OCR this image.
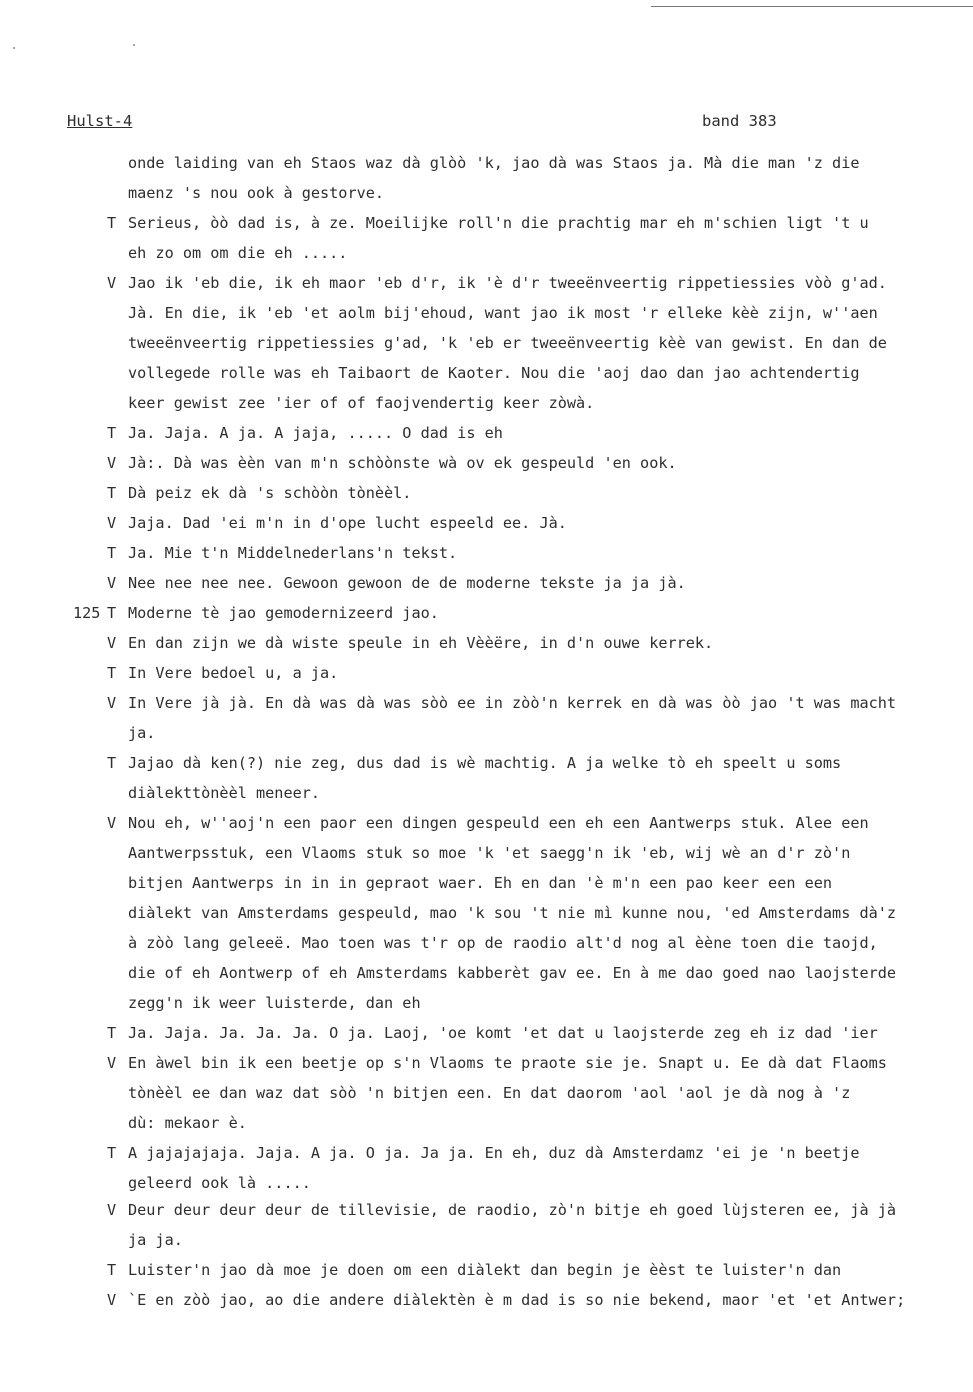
Hulst-4	band 383
onde laiding van eh Staos waz dà glòò 'k, jao dà was Staos ja. Mà die man 'z die
maenz 's nou ook à gestorve.
T Serieus, òò dad is, à ze. Moeilijke roll'n die prachtig mar eh m'schien ligt 't u
eh zo om om die eh .....
V Jao ik 'eb die, ik eh maor 'eb d'r, ik 'è d'r tweeënveertig rippetiessies vòò g'ad.
Jà. En die, ik 'eb 'et aolm bij'ehoud, want jao ik most 'r elleke kèè zijn, w''aen
tweeënveertig rippetiessies g'ad, 'k 'eb er tweeënveertig kèè van gewist. En dan de
vollegede rolle was eh Taibaort de Kaoter. Nou die 'aoj dao dan jao achtendertig
keer gewist zee 'ier of of faojvendertig keer zòwà.
T Ja. Jaja. A ja. A jaja, ..... O dad is eh
V Jà:. Dà was èèn van m'n schòònste wà ov ek gespeuld 'en ook.
T Dà peiz ek dà 's schòòn tònèèl.
V Jaja. Dad 'ei m'n in d'ope lucht espeeld ee. Jà.
T Ja. Mie t'n Middelnederlans'n tekst.
V Nee nee nee nee. Gewoon gewoon de de moderne tekste ja ja jà.
125 T Moderne tè jao gemodernizeerd jao.
V En dan zijn we dà wiste speule in eh Vèèëre, in d'n ouwe kerrek.
T In Vere bedoel u, a ja.
V In Vere jà jà. En dà was dà was sòò ee in zòò'n kerrek en dà was òò jao 't was macht
ja.
T Jajao dà ken(?) nie zeg, dus dad is wè machtig. A ja welke tò eh speelt u soms
diàlekttònèèl meneer.
V Nou eh, w''aoj'n een paor een dingen gespeuld een eh een Aantwerps stuk. Alee een
Aantwerpsstuk, een Vlaoms stuk so moe 'k 'et saegg'n ik 'eb, wij wè an d'r zò'n
bitjen Aantwerps in in in gepraot waer. Eh en dan 'è m'n een pao keer een een
diàlekt van Amsterdams gespeuld, mao 'k sou 't nie mì kunne nou, 'ed Amsterdams dà'z
à zòò lang geleeë. Mao toen was t'r op de raodio alt'd nog al èène toen die taojd,
die of eh Aontwerp of eh Amsterdams kabberèt gav ee. En à me dao goed nao laojsterde
zegg'n ik weer luisterde, dan eh
T Ja. Jaja. Ja. Ja. Ja. O ja. Laoj, 'oe komt 'et dat u laojsterde zeg eh iz dad 'ier
V En àwel bin ik een beetje op s'n Vlaoms te praote sie je. Snapt u. Ee dà dat Flaoms
tònèèl ee dan waz dat sòò 'n bitjen een. En dat daorom 'aol 'aol je dà nog à 'z
dù: mekaor è.
T A jajajajaja. Jaja. A ja. O ja. Ja ja. En eh, duz dà Amsterdamz 'ei je 'n beetje
geleerd ook là .....
V Deur deur deur deur de tillevisie, de raodio, zò'n bitje eh goed lùjsteren ee, jà jà
ja ja.
T Luister'n jao dà moe je doen om een diàlekt dan begin je èèst te luister'n dan
V `E en zòò jao, ao die andere diàlektèn è m dad is so nie bekend, maor 'et 'et Antwer;
